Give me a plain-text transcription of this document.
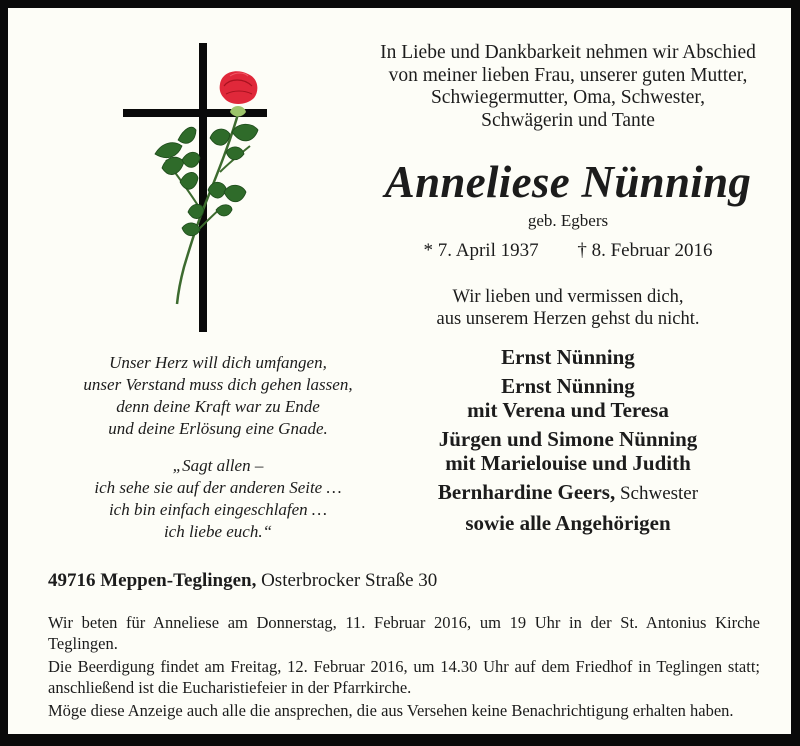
In Liebe und Dankbarkeit nehmen wir Abschied
von meiner lieben Frau, unserer guten Mutter,
Schwiegermutter, Oma, Schwester,
Schwägerin und Tante
Anneliese Nünning
geb. Egbers
* 7. April 1937 † 8. Februar 2016
Wir lieben und vermissen dich,
aus unserem Herzen gehst du nicht.
Ernst Nünning
Ernst Nünning
mit Verena und Teresa
Jürgen und Simone Nünning
mit Marielouise und Judith
Bernhardine Geers, Schwester
sowie alle Angehörigen
Unser Herz will dich umfangen,
unser Verstand muss dich gehen lassen,
denn deine Kraft war zu Ende
und deine Erlösung eine Gnade.
„Sagt allen –
ich sehe sie auf der anderen Seite …
ich bin einfach eingeschlafen …
ich liebe euch.“
49716 Meppen-Teglingen, Osterbrocker Straße 30

Wir beten für Anneliese am Donnerstag, 11. Februar 2016, um 19 Uhr in der St. Antonius Kirche Teglingen.

Die Beerdigung findet am Freitag, 12. Februar 2016, um 14.30 Uhr auf dem Friedhof in Teglingen statt; anschließend ist die Eucharistiefeier in der Pfarrkirche.

Möge diese Anzeige auch alle die ansprechen, die aus Versehen keine Benachrichtigung erhalten haben.
